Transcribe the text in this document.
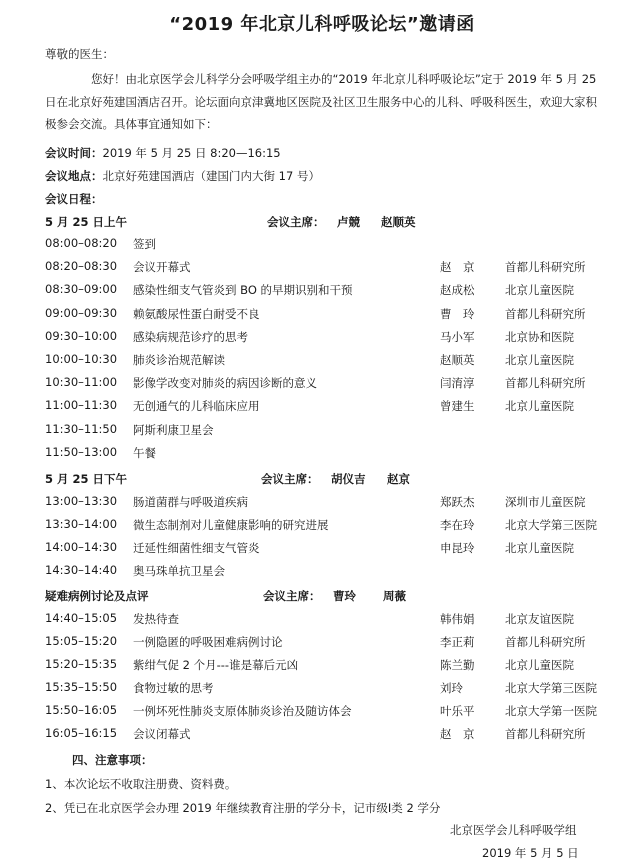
“2019 年北京儿科呼吸论坛”邀请函
尊敬的医生：
您好！由北京医学会儿科学分会呼吸学组主办的“2019 年北京儿科呼吸论坛”定于 2019 年 5 月 25 日在北京好苑建国酒店召开。论坛面向京津冀地区医院及社区卫生服务中心的儿科、呼吸科医生，欢迎大家积极参会交流。具体事宜通知如下：
会议时间：2019 年 5 月 25 日 8:20—16:15
会议地点：北京好苑建国酒店（建国门内大街 17 号）
会议日程：
5 月 25 日上午	会议主席： 卢競 赵顺英
08:00–08:20 签到
08:20–08:30 会议开幕式	赵　京	首都儿科研究所
08:30–09:00 感染性细支气管炎到 BO 的早期识别和干预	赵成松	北京儿童医院
09:00–09:30 赖氨酸尿性蛋白耐受不良	曹　玲	首都儿科研究所
09:30–10:00 感染病规范诊疗的思考	马小军	北京协和医院
10:00–10:30 肺炎诊治规范解读	赵顺英	北京儿童医院
10:30–11:00 影像学改变对肺炎的病因诊断的意义	闫淯淳	首都儿科研究所
11:00–11:30 无创通气的儿科临床应用	曾建生	北京儿童医院
11:30–11:50 阿斯利康卫星会
11:50–13:00 午餐
5 月 25 日下午	会议主席： 胡仪吉 赵京
13:00–13:30 肠道菌群与呼吸道疾病	郑跃杰	深圳市儿童医院
13:30–14:00 微生态制剂对儿童健康影响的研究进展	李在玲	北京大学第三医院
14:00–14:30 迁延性细菌性细支气管炎	申昆玲	北京儿童医院
14:30–14:40 奥马珠单抗卫星会
疑难病例讨论及点评	会议主席： 曹玲 周薇
14:40–15:05 发热待查	韩伟娟	北京友谊医院
15:05–15:20 一例隐匿的呼吸困难病例讨论	李正莉	首都儿科研究所
15:20–15:35 紫绀气促 2 个月---谁是幕后元凶	陈兰勤	北京儿童医院
15:35–15:50 食物过敏的思考	刘玲	北京大学第三医院
15:50–16:05 一例坏死性肺炎支原体肺炎诊治及随访体会	叶乐平	北京大学第一医院
16:05–16:15 会议闭幕式	赵　京	首都儿科研究所
四、注意事项：
1、本次论坛不收取注册费、资料费。
2、凭已在北京医学会办理 2019 年继续教育注册的学分卡，记市级I类 2 学分
北京医学会儿科呼吸学组
2019 年 5 月 5 日
